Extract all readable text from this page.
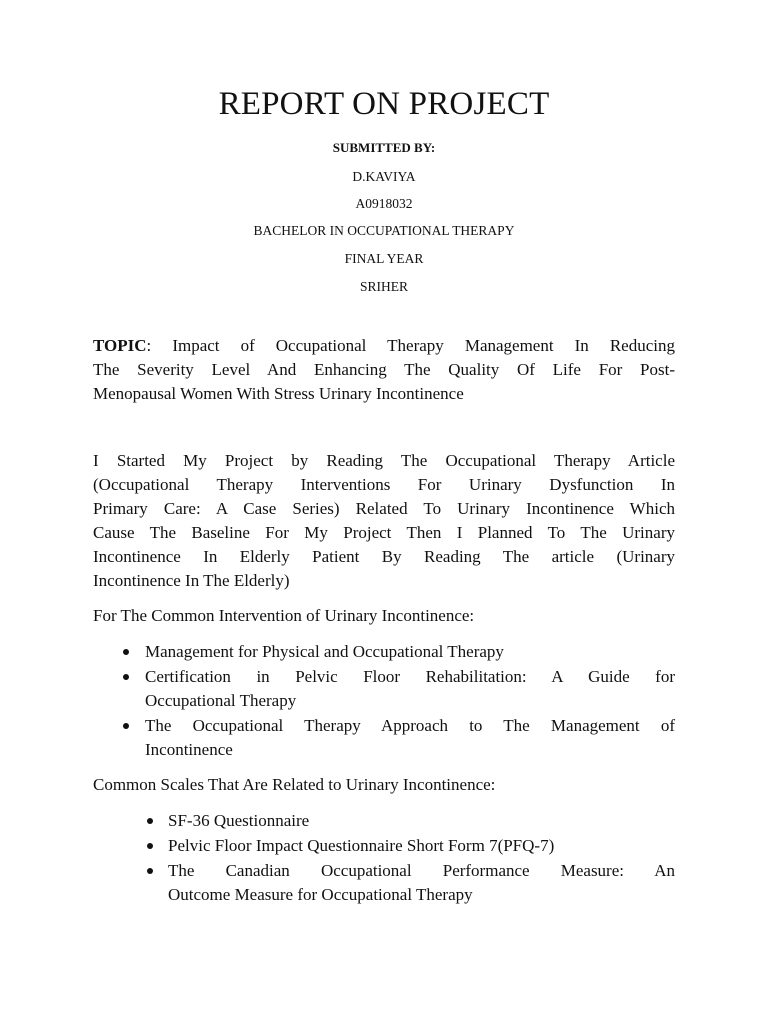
REPORT ON PROJECT
SUBMITTED BY:
D.KAVIYA
A0918032
BACHELOR IN OCCUPATIONAL THERAPY
FINAL YEAR
SRIHER
TOPIC: Impact of Occupational Therapy Management In Reducing
The Severity Level And Enhancing The Quality Of Life For Post-
Menopausal Women With Stress Urinary Incontinence
I Started My Project by Reading The Occupational Therapy Article
(Occupational Therapy Interventions For Urinary Dysfunction In
Primary Care: A Case Series) Related To Urinary Incontinence Which
Cause The Baseline For My Project Then I Planned To The Urinary
Incontinence In Elderly Patient By Reading The article (Urinary
Incontinence In The Elderly)
For The Common Intervention of Urinary Incontinence:
Management for Physical and Occupational Therapy
Certification in Pelvic Floor Rehabilitation: A Guide for
Occupational Therapy
The Occupational Therapy Approach to The Management of
Incontinence
Common Scales That Are Related to Urinary Incontinence:
SF-36 Questionnaire
Pelvic Floor Impact Questionnaire Short Form 7(PFQ-7)
The Canadian Occupational Performance Measure: An
Outcome Measure for Occupational Therapy
